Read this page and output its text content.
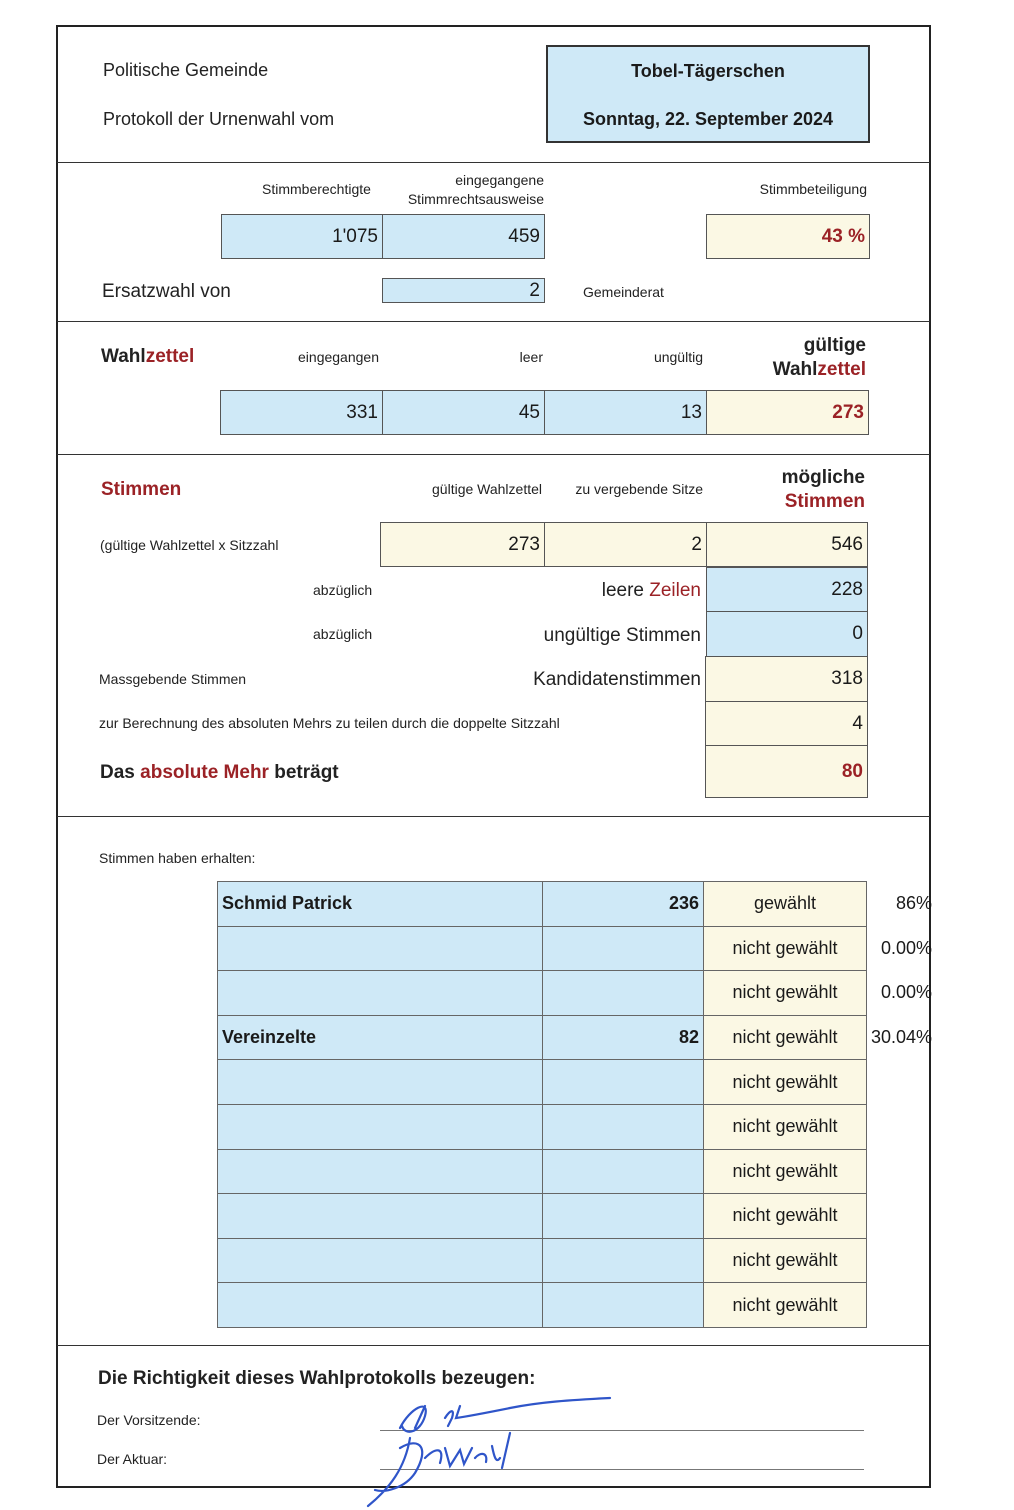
Politische Gemeinde
Protokoll der Urnenwahl vom
Tobel-Tägerschen
Sonntag, 22. September 2024
Stimmberechtigte
eingegangene
Stimmrechtsausweise
Stimmbeteiligung
1'075	459	43 %
Ersatzwahl von	2	Gemeinderat
Wahlzettel	eingegangen	leer	ungültig
gültige
Wahlzettel
331	45	13	273
Stimmen	gültige Wahlzettel	zu vergebende Sitze
mögliche
Stimmen
(gültige Wahlzettel x Sitzzahl	273	2	546
abzüglich	leere Zeilen	228
abzüglich	ungültige Stimmen	0
Massgebende Stimmen	Kandidatenstimmen	318
zur Berechnung des absoluten Mehrs zu teilen durch die doppelte Sitzzahl	4
Das absolute Mehr beträgt	80
Stimmen haben erhalten:
Schmid Patrick	236	gewählt	86%
		nicht gewählt	0.00%
		nicht gewählt	0.00%
Vereinzelte	82	nicht gewählt	30.04%
		nicht gewählt	
		nicht gewählt	
		nicht gewählt	
		nicht gewählt	
		nicht gewählt	
		nicht gewählt	
Die Richtigkeit dieses Wahlprotokolls bezeugen:
Der Vorsitzende:
Der Aktuar:
